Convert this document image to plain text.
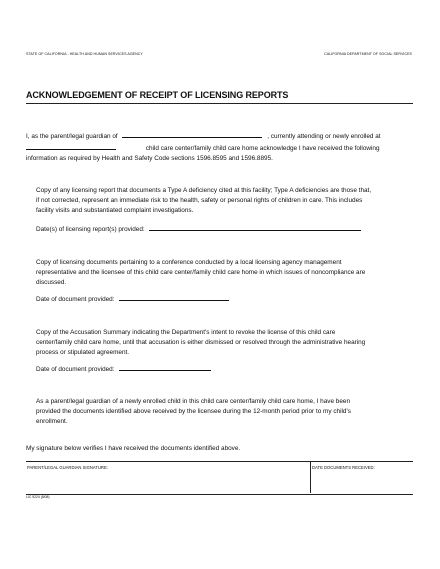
STATE OF CALIFORNIA - HEALTH AND HUMAN SERVICES AGENCY	CALIFORNIA DEPARTMENT OF SOCIAL SERVICES
ACKNOWLEDGEMENT OF RECEIPT OF LICENSING REPORTS
I, as the parent/legal guardian of	, currently attending or newly enrolled at
child care center/family child care home acknowledge I have received the following
information as required by Health and Safety Code sections 1596.8595 and 1596.8895.
Copy of any licensing report that documents a Type A deficiency cited at this facility; Type A deficiencies are those that,
if not corrected, represent an immediate risk to the health, safety or personal rights of children in care. This includes
facility visits and substantiated complaint investigations.
Date(s) of licensing report(s) provided:
Copy of licensing documents pertaining to a conference conducted by a local licensing agency management
representative and the licensee of this child care center/family child care home in which issues of noncompliance are
discussed.
Date of document provided:
Copy of the Accusation Summary indicating the Department's intent to revoke the license of this child care
center/family child care home, until that accusation is either dismissed or resolved through the administrative hearing
process or stipulated agreement.
Date of document provided:
As a parent/legal guardian of a newly enrolled child in this child care center/family child care home, I have been
provided the documents identified above received by the licensee during the 12-month period prior to my child's
enrollment.
My signature below verifies I have received the documents identified above.
PARENT/LEGAL GUARDIAN SIGNATURE:	DATE DOCUMENTS RECEIVED:
LIC 9224 (8/08)
